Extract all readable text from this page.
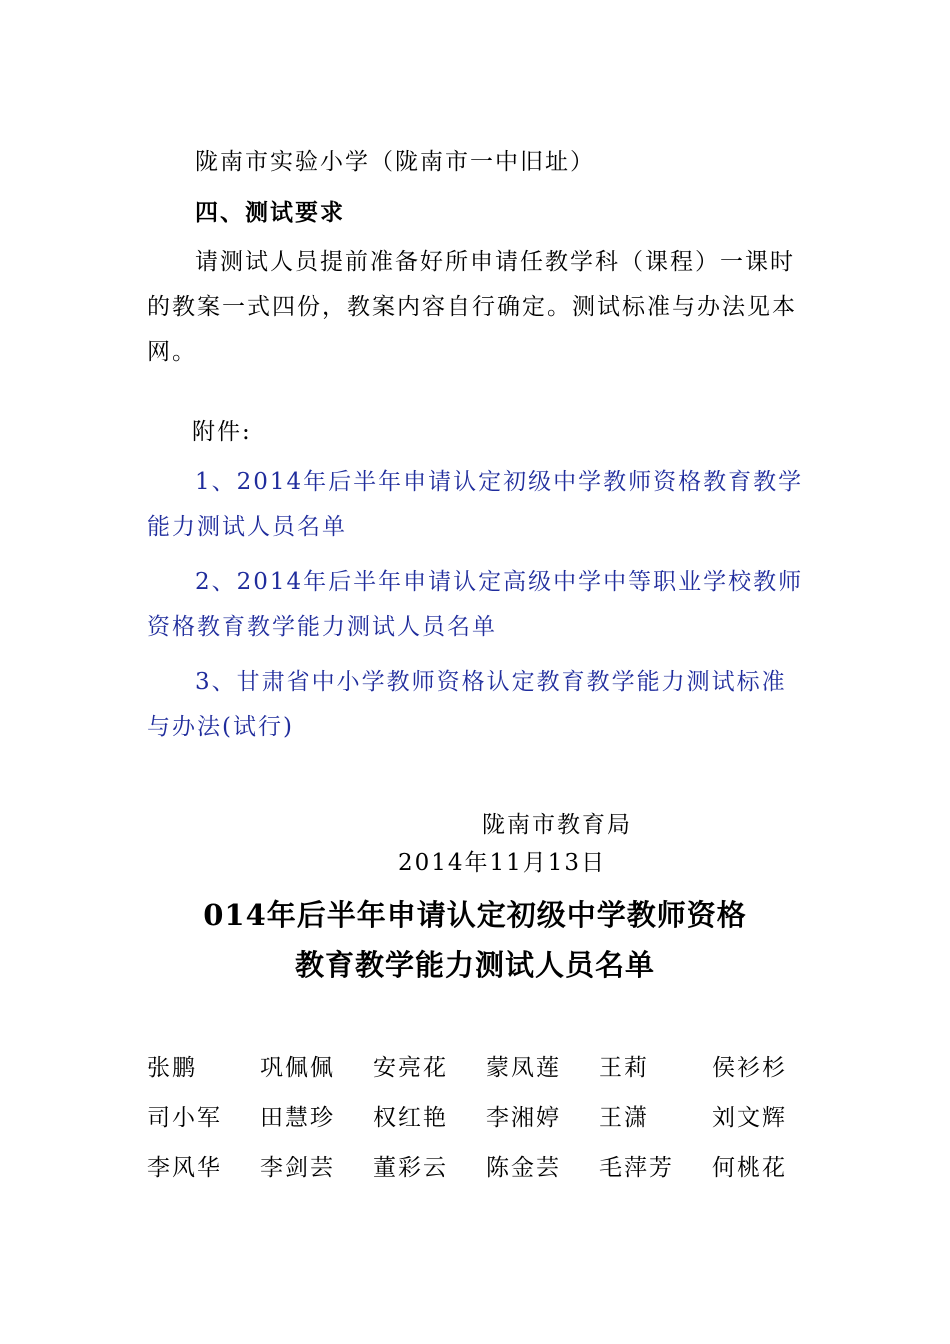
陇南市实验小学（陇南市一中旧址）
四、测试要求
请测试人员提前准备好所申请任教学科（课程）一课时的教案一式四份，教案内容自行确定。测试标准与办法见本网。
附件:
1、2014年后半年申请认定初级中学教师资格教育教学能力测试人员名单
2、2014年后半年申请认定高级中学中等职业学校教师资格教育教学能力测试人员名单
3、甘肃省中小学教师资格认定教育教学能力测试标准与办法(试行)
陇南市教育局
2014年11月13日
014年后半年申请认定初级中学教师资格
教育教学能力测试人员名单
张鹏	巩佩佩	安亮花	蒙凤莲	王莉	侯衫杉
司小军	田慧珍	权红艳	李湘婷	王潇	刘文辉
李风华	李剑芸	董彩云	陈金芸	毛萍芳	何桃花
